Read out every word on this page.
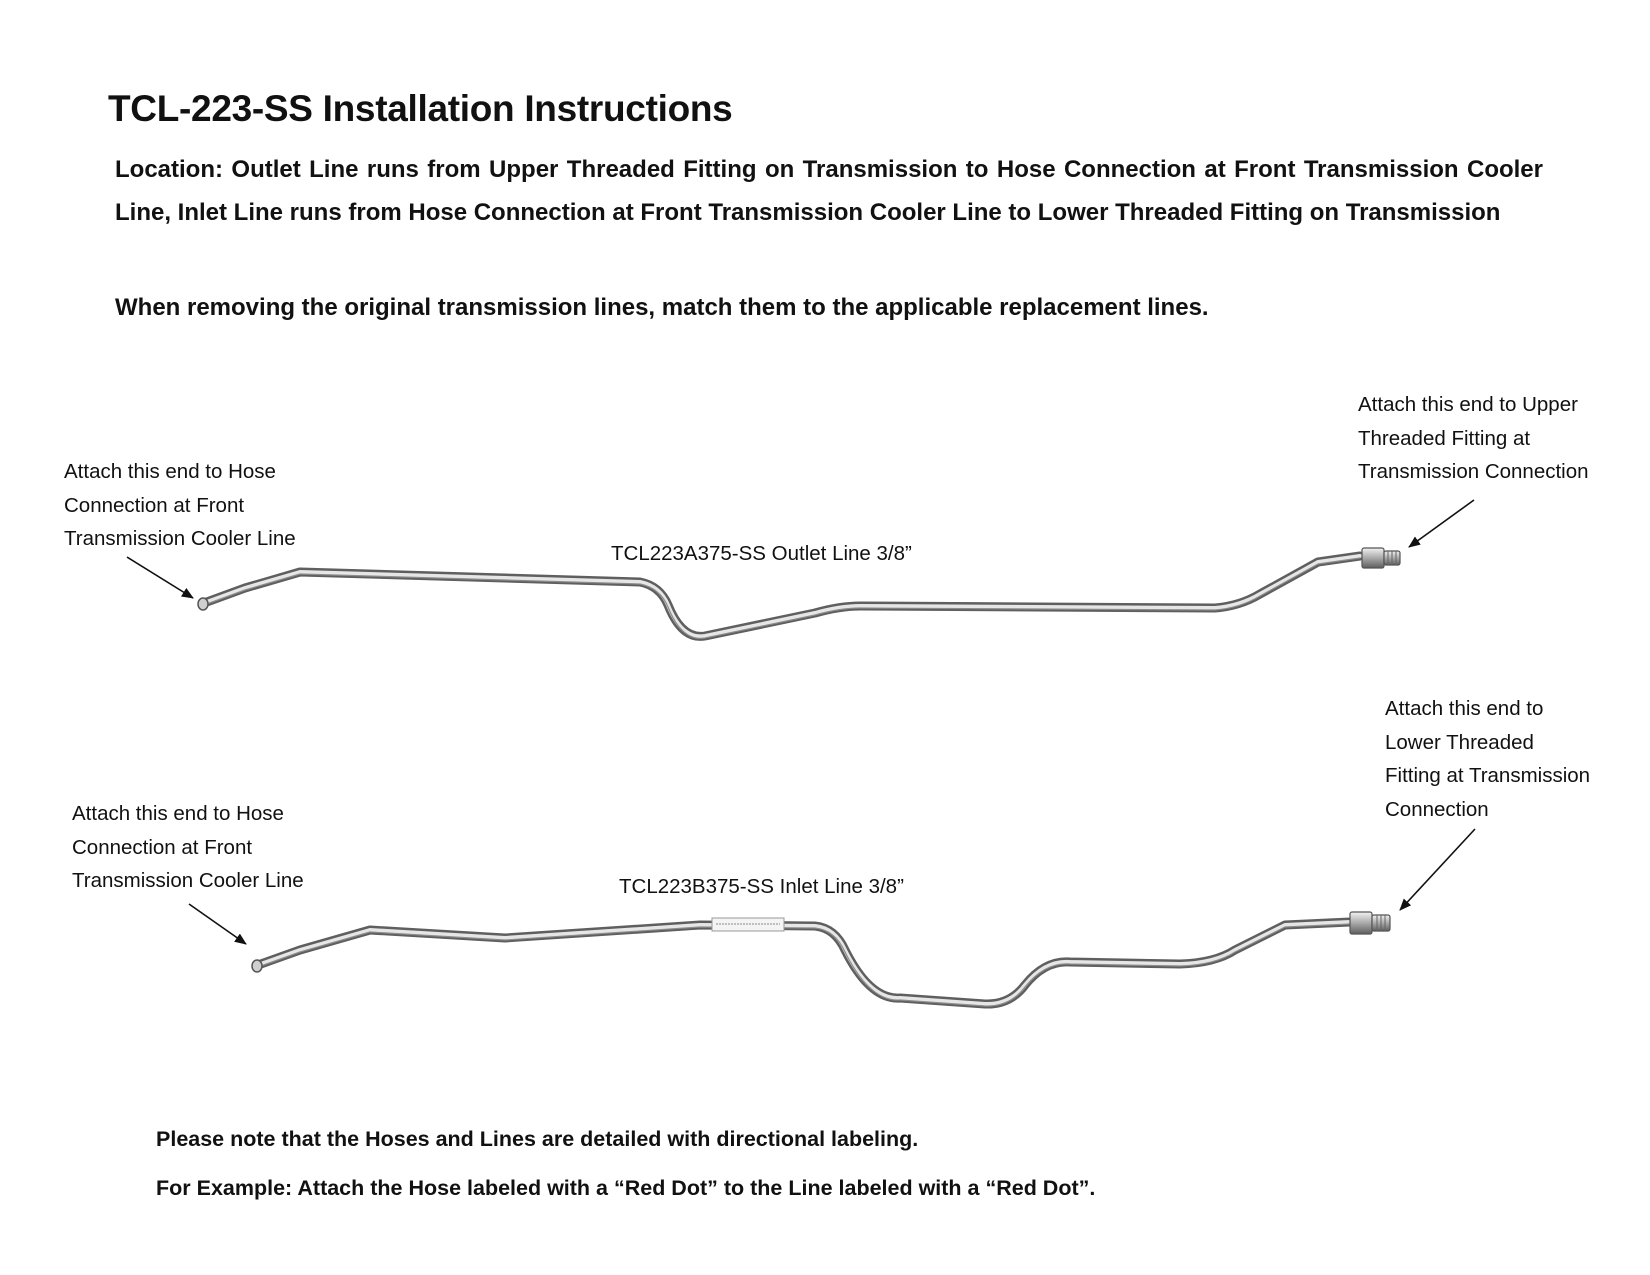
TCL-223-SS Installation Instructions

Location: Outlet Line runs from Upper Threaded Fitting on Transmission to Hose Connection at Front Transmission Cooler Line, Inlet Line runs from Hose Connection at Front Transmission Cooler Line to Lower Threaded Fitting on Transmission

When removing the original transmission lines, match them to the applicable replacement lines.

Attach this end to Hose
Connection at Front
Transmission Cooler Line
Attach this end to Upper
Threaded Fitting at
Transmission Connection

TCL223A375-SS Outlet Line 3/8”

Attach this end to Hose
Connection at Front
Transmission Cooler Line
Attach this end to
Lower Threaded
Fitting at Transmission
Connection

TCL223B375-SS Inlet Line 3/8”

Please note that the Hoses and Lines are detailed with directional labeling.

For Example: Attach the Hose labeled with a “Red Dot” to the Line labeled with a “Red Dot”.
